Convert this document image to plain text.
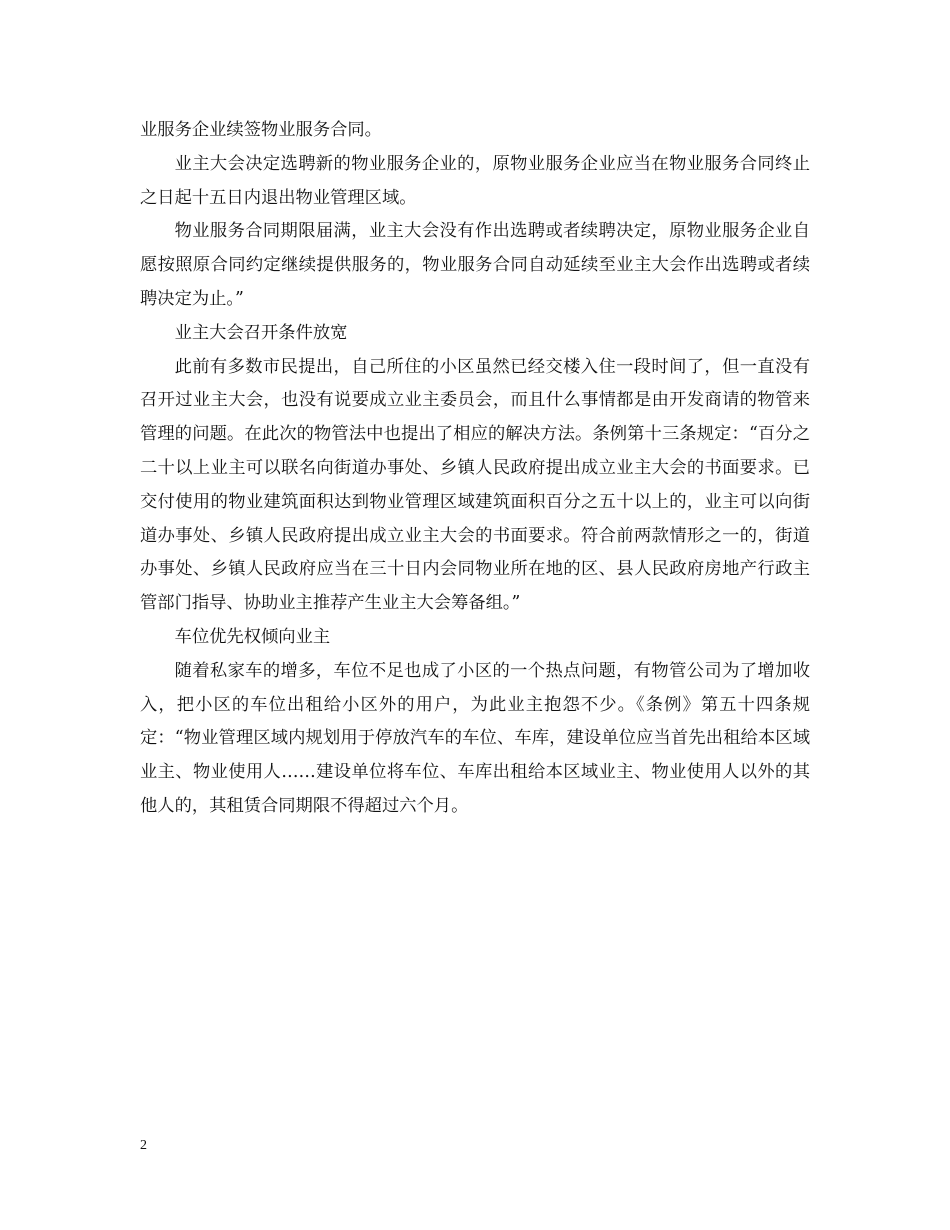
业服务企业续签物业服务合同。

业主大会决定选聘新的物业服务企业的，原物业服务企业应当在物业服务合同终止之日起十五日内退出物业管理区域。

物业服务合同期限届满，业主大会没有作出选聘或者续聘决定，原物业服务企业自愿按照原合同约定继续提供服务的，物业服务合同自动延续至业主大会作出选聘或者续聘决定为止。”

业主大会召开条件放宽

此前有多数市民提出，自己所住的小区虽然已经交楼入住一段时间了，但一直没有召开过业主大会，也没有说要成立业主委员会，而且什么事情都是由开发商请的物管来管理的问题。在此次的物管法中也提出了相应的解决方法。条例第十三条规定：“百分之二十以上业主可以联名向街道办事处、乡镇人民政府提出成立业主大会的书面要求。已交付使用的物业建筑面积达到物业管理区域建筑面积百分之五十以上的，业主可以向街道办事处、乡镇人民政府提出成立业主大会的书面要求。符合前两款情形之一的，街道办事处、乡镇人民政府应当在三十日内会同物业所在地的区、县人民政府房地产行政主管部门指导、协助业主推荐产生业主大会筹备组。”

车位优先权倾向业主

随着私家车的增多，车位不足也成了小区的一个热点问题，有物管公司为了增加收入，把小区的车位出租给小区外的用户，为此业主抱怨不少。《条例》第五十四条规定：“物业管理区域内规划用于停放汽车的车位、车库，建设单位应当首先出租给本区域业主、物业使用人……建设单位将车位、车库出租给本区域业主、物业使用人以外的其他人的，其租赁合同期限不得超过六个月。

2
